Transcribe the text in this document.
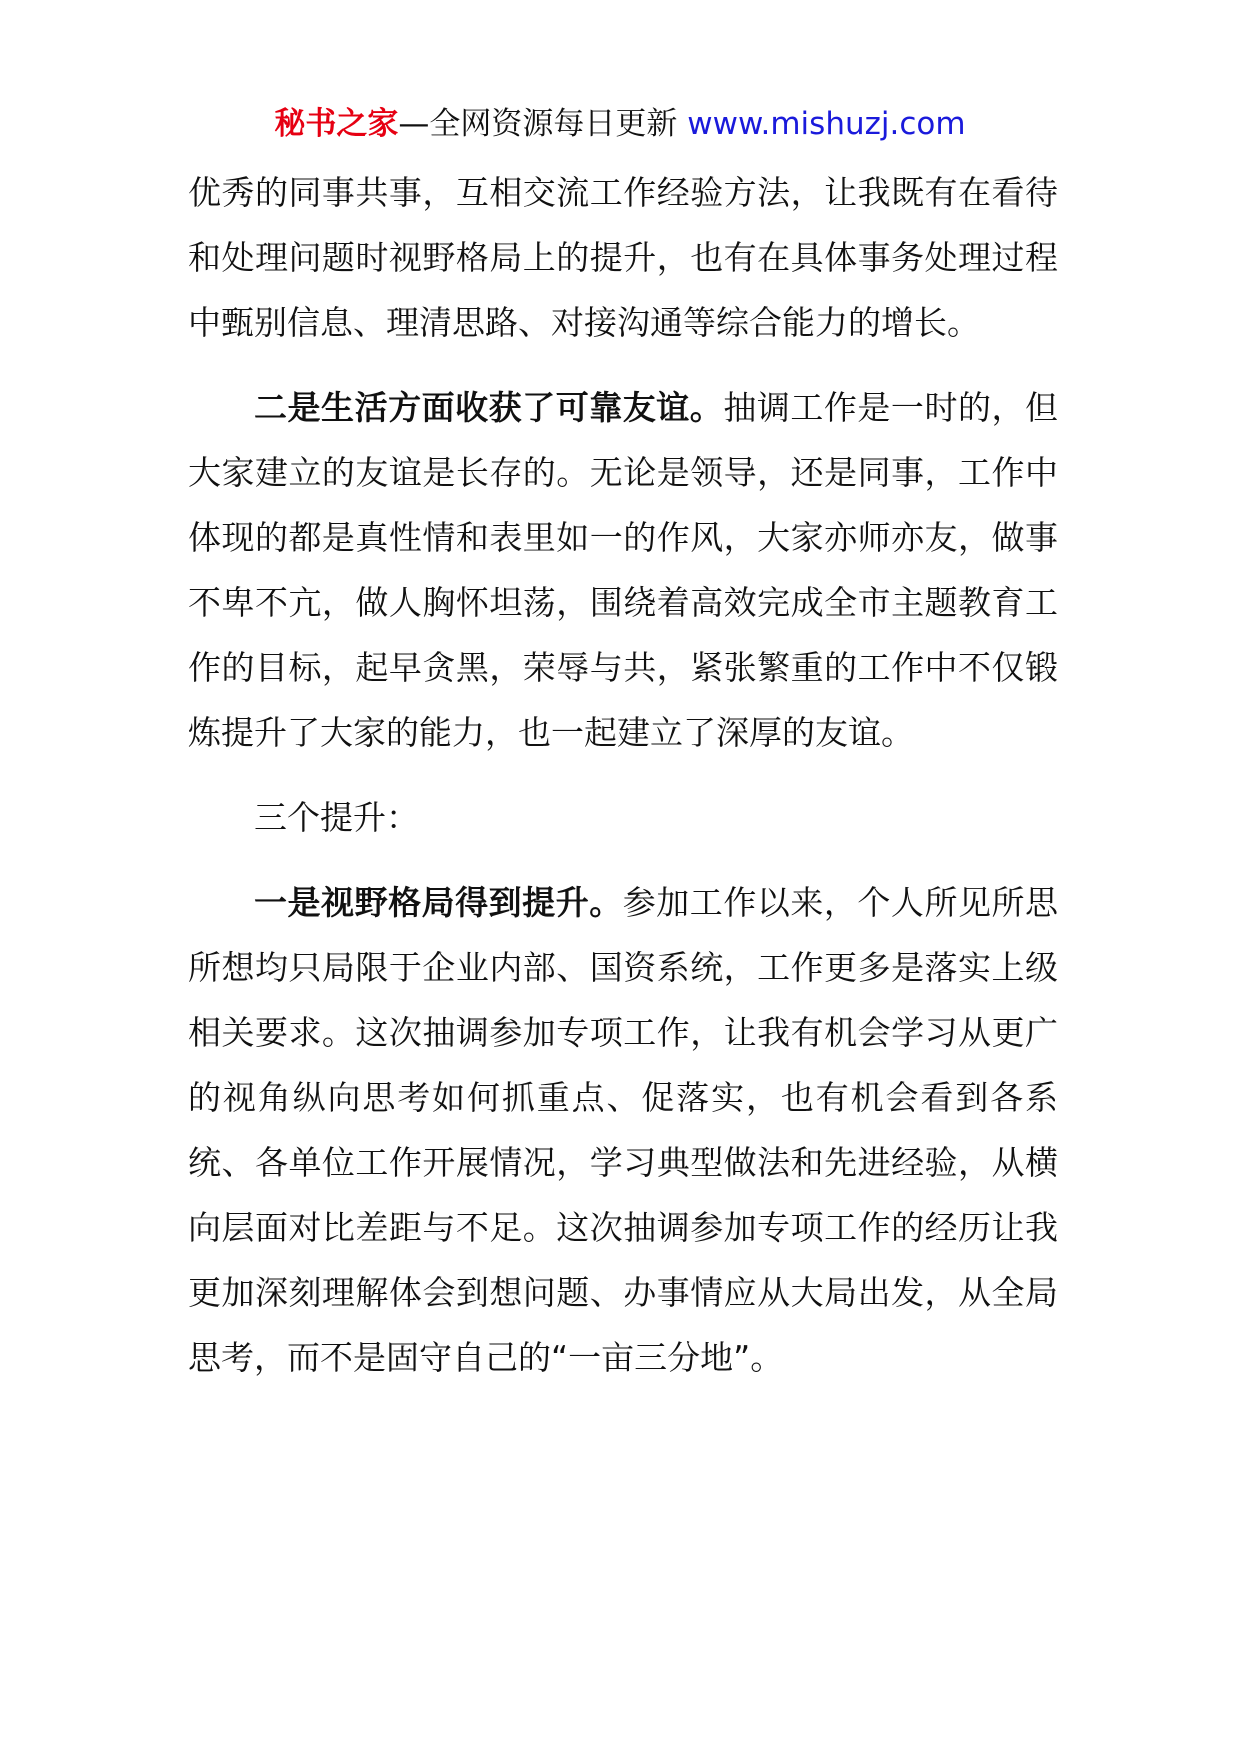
秘书之家—全网资源每日更新 www.mishuzj.com

优秀的同事共事，互相交流工作经验方法，让我既有在看待和处理问题时视野格局上的提升，也有在具体事务处理过程中甄别信息、理清思路、对接沟通等综合能力的增长。

二是生活方面收获了可靠友谊。抽调工作是一时的，但大家建立的友谊是长存的。无论是领导，还是同事，工作中体现的都是真性情和表里如一的作风，大家亦师亦友，做事不卑不亢，做人胸怀坦荡，围绕着高效完成全市主题教育工作的目标，起早贪黑，荣辱与共，紧张繁重的工作中不仅锻炼提升了大家的能力，也一起建立了深厚的友谊。

三个提升：

一是视野格局得到提升。参加工作以来，个人所见所思所想均只局限于企业内部、国资系统，工作更多是落实上级相关要求。这次抽调参加专项工作，让我有机会学习从更广的视角纵向思考如何抓重点、促落实，也有机会看到各系统、各单位工作开展情况，学习典型做法和先进经验，从横向层面对比差距与不足。这次抽调参加专项工作的经历让我更加深刻理解体会到想问题、办事情应从大局出发，从全局思考，而不是固守自己的“一亩三分地”。
